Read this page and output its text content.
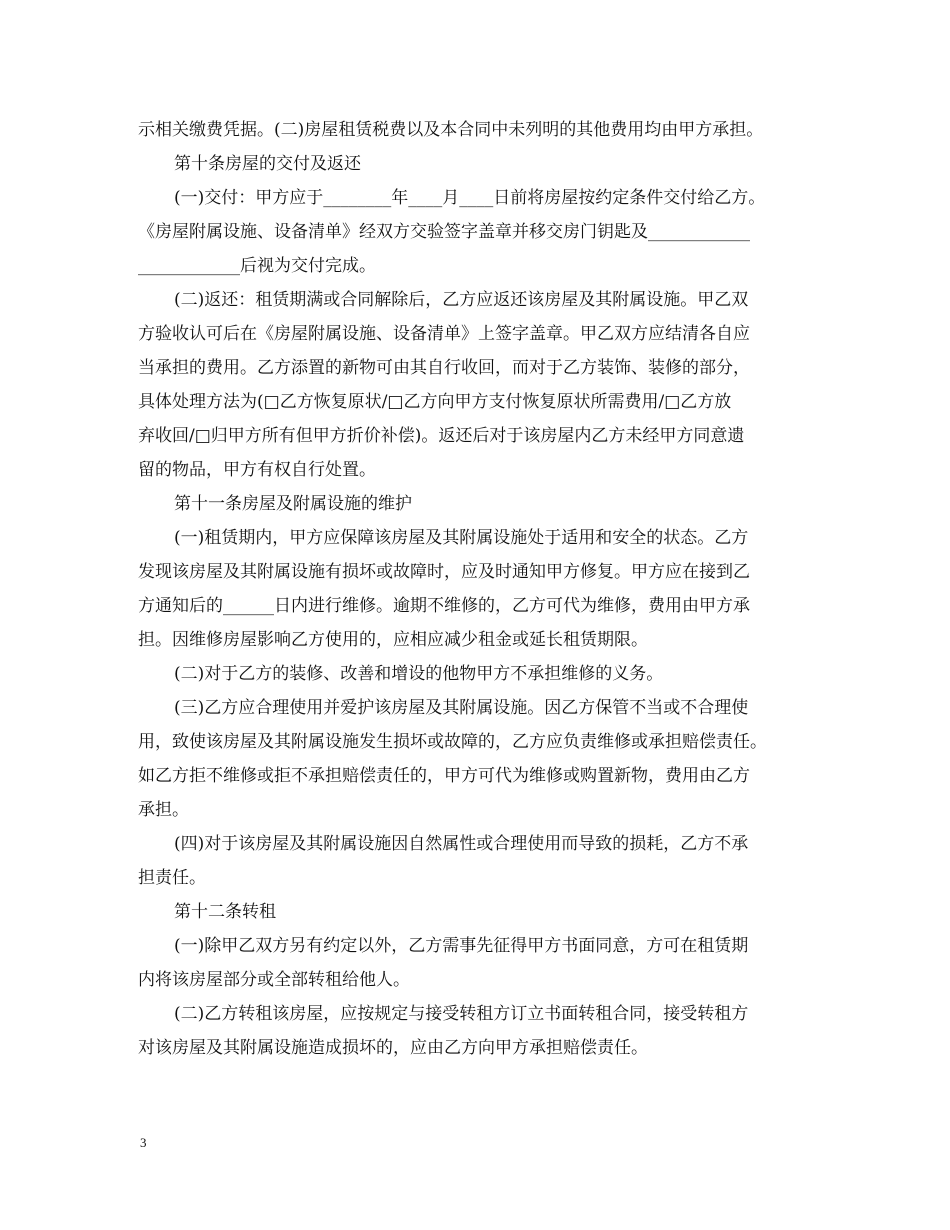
示相关缴费凭据。(二)房屋租赁税费以及本合同中未列明的其他费用均由甲方承担。
第十条房屋的交付及返还
(一)交付：甲方应于________年____月____日前将房屋按约定条件交付给乙方。
《房屋附属设施、设备清单》经双方交验签字盖章并移交房门钥匙及____________
____________后视为交付完成。
(二)返还：租赁期满或合同解除后，乙方应返还该房屋及其附属设施。甲乙双
方验收认可后在《房屋附属设施、设备清单》上签字盖章。甲乙双方应结清各自应
当承担的费用。乙方添置的新物可由其自行收回，而对于乙方装饰、装修的部分，
具体处理方法为(□乙方恢复原状/□乙方向甲方支付恢复原状所需费用/□乙方放
弃收回/□归甲方所有但甲方折价补偿)。返还后对于该房屋内乙方未经甲方同意遗
留的物品，甲方有权自行处置。
第十一条房屋及附属设施的维护
(一)租赁期内，甲方应保障该房屋及其附属设施处于适用和安全的状态。乙方
发现该房屋及其附属设施有损坏或故障时，应及时通知甲方修复。甲方应在接到乙
方通知后的______日内进行维修。逾期不维修的，乙方可代为维修，费用由甲方承
担。因维修房屋影响乙方使用的，应相应减少租金或延长租赁期限。
(二)对于乙方的装修、改善和增设的他物甲方不承担维修的义务。
(三)乙方应合理使用并爱护该房屋及其附属设施。因乙方保管不当或不合理使
用，致使该房屋及其附属设施发生损坏或故障的，乙方应负责维修或承担赔偿责任。
如乙方拒不维修或拒不承担赔偿责任的，甲方可代为维修或购置新物，费用由乙方
承担。
(四)对于该房屋及其附属设施因自然属性或合理使用而导致的损耗，乙方不承
担责任。
第十二条转租
(一)除甲乙双方另有约定以外，乙方需事先征得甲方书面同意，方可在租赁期
内将该房屋部分或全部转租给他人。
(二)乙方转租该房屋，应按规定与接受转租方订立书面转租合同，接受转租方
对该房屋及其附属设施造成损坏的，应由乙方向甲方承担赔偿责任。
3
